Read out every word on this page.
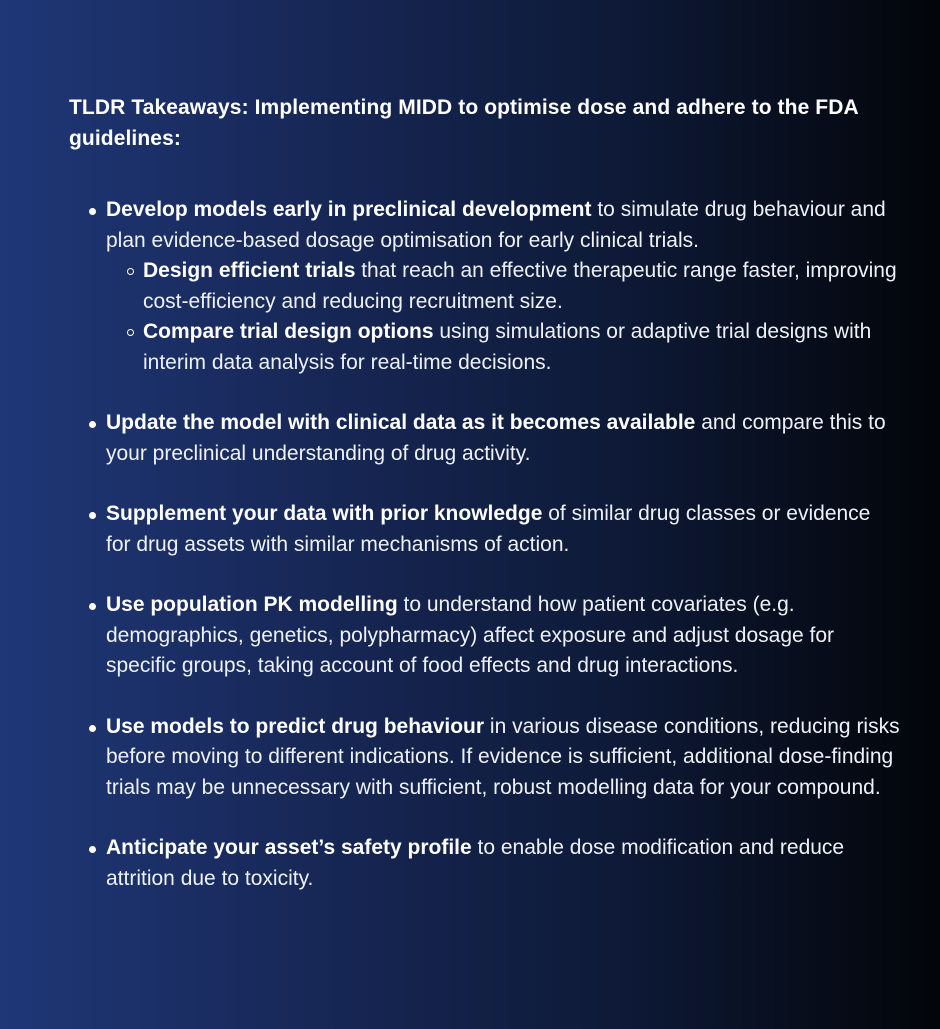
TLDR Takeaways: Implementing MIDD to optimise dose and adhere to the FDA guidelines:
Develop models early in preclinical development to simulate drug behaviour and plan evidence-based dosage optimisation for early clinical trials.
Design efficient trials that reach an effective therapeutic range faster, improving cost-efficiency and reducing recruitment size.
Compare trial design options using simulations or adaptive trial designs with interim data analysis for real-time decisions.
Update the model with clinical data as it becomes available and compare this to your preclinical understanding of drug activity.
Supplement your data with prior knowledge of similar drug classes or evidence for drug assets with similar mechanisms of action.
Use population PK modelling to understand how patient covariates (e.g. demographics, genetics, polypharmacy) affect exposure and adjust dosage for specific groups, taking account of food effects and drug interactions.
Use models to predict drug behaviour in various disease conditions, reducing risks before moving to different indications. If evidence is sufficient, additional dose-finding trials may be unnecessary with sufficient, robust modelling data for your compound.
Anticipate your asset’s safety profile to enable dose modification and reduce attrition due to toxicity.
